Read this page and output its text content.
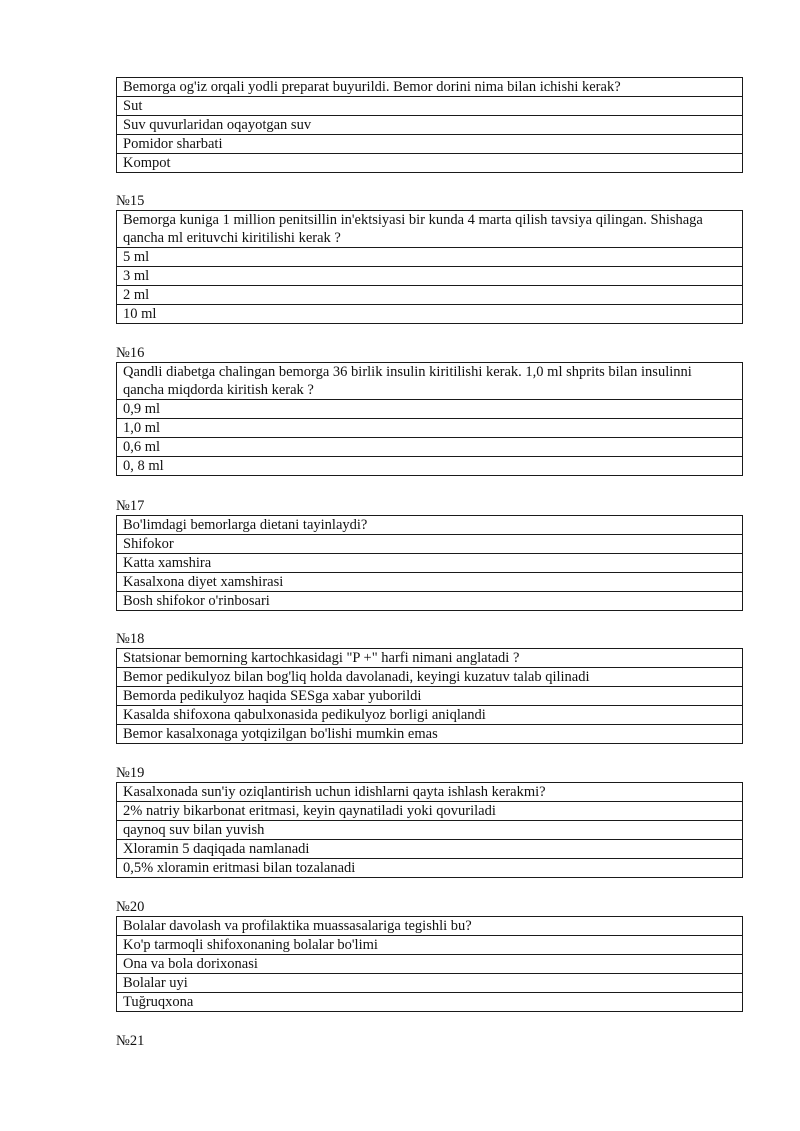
Bemorga og'iz orqali yodli preparat buyurildi. Bemor dorini nima bilan ichishi kerak?
Sut
Suv quvurlaridan oqayotgan suv
Pomidor sharbati
Kompot
№15
Bemorga kuniga 1 million penitsillin in'ektsiyasi bir kunda 4 marta qilish tavsiya qilingan. Shishaga qancha ml erituvchi kiritilishi kerak ?
5 ml
3 ml
2 ml
10 ml
№16
Qandli diabetga chalingan bemorga 36 birlik insulin kiritilishi kerak. 1,0 ml shprits bilan insulinni qancha miqdorda kiritish kerak ?
0,9 ml
1,0 ml
0,6 ml
0, 8 ml
№17
Bo'limdagi bemorlarga dietani tayinlaydi?
Shifokor
Katta xamshira
Kasalxona diyet xamshirasi
Bosh shifokor o'rinbosari
№18
Statsionar bemorning kartochkasidagi "P +" harfi nimani anglatadi ?
Bemor pedikulyoz bilan bog'liq holda davolanadi, keyingi kuzatuv talab qilinadi
Bemorda pedikulyoz haqida SESga xabar yuborildi
Kasalda shifoxona qabulxonasida pedikulyoz borligi aniqlandi
Bemor kasalxonaga yotqizilgan bo'lishi mumkin emas
№19
Kasalxonada sun'iy oziqlantirish uchun idishlarni qayta ishlash kerakmi?
2% natriy bikarbonat eritmasi, keyin qaynatiladi yoki qovuriladi
qaynoq suv bilan yuvish
Xloramin 5 daqiqada namlanadi
0,5% xloramin eritmasi bilan tozalanadi
№20
Bolalar davolash va profilaktika muassasalariga tegishli bu?
Ko'p tarmoqli shifoxonaning bolalar bo'limi
Ona va bola dorixonasi
Bolalar uyi
Tuğruqxona
№21
